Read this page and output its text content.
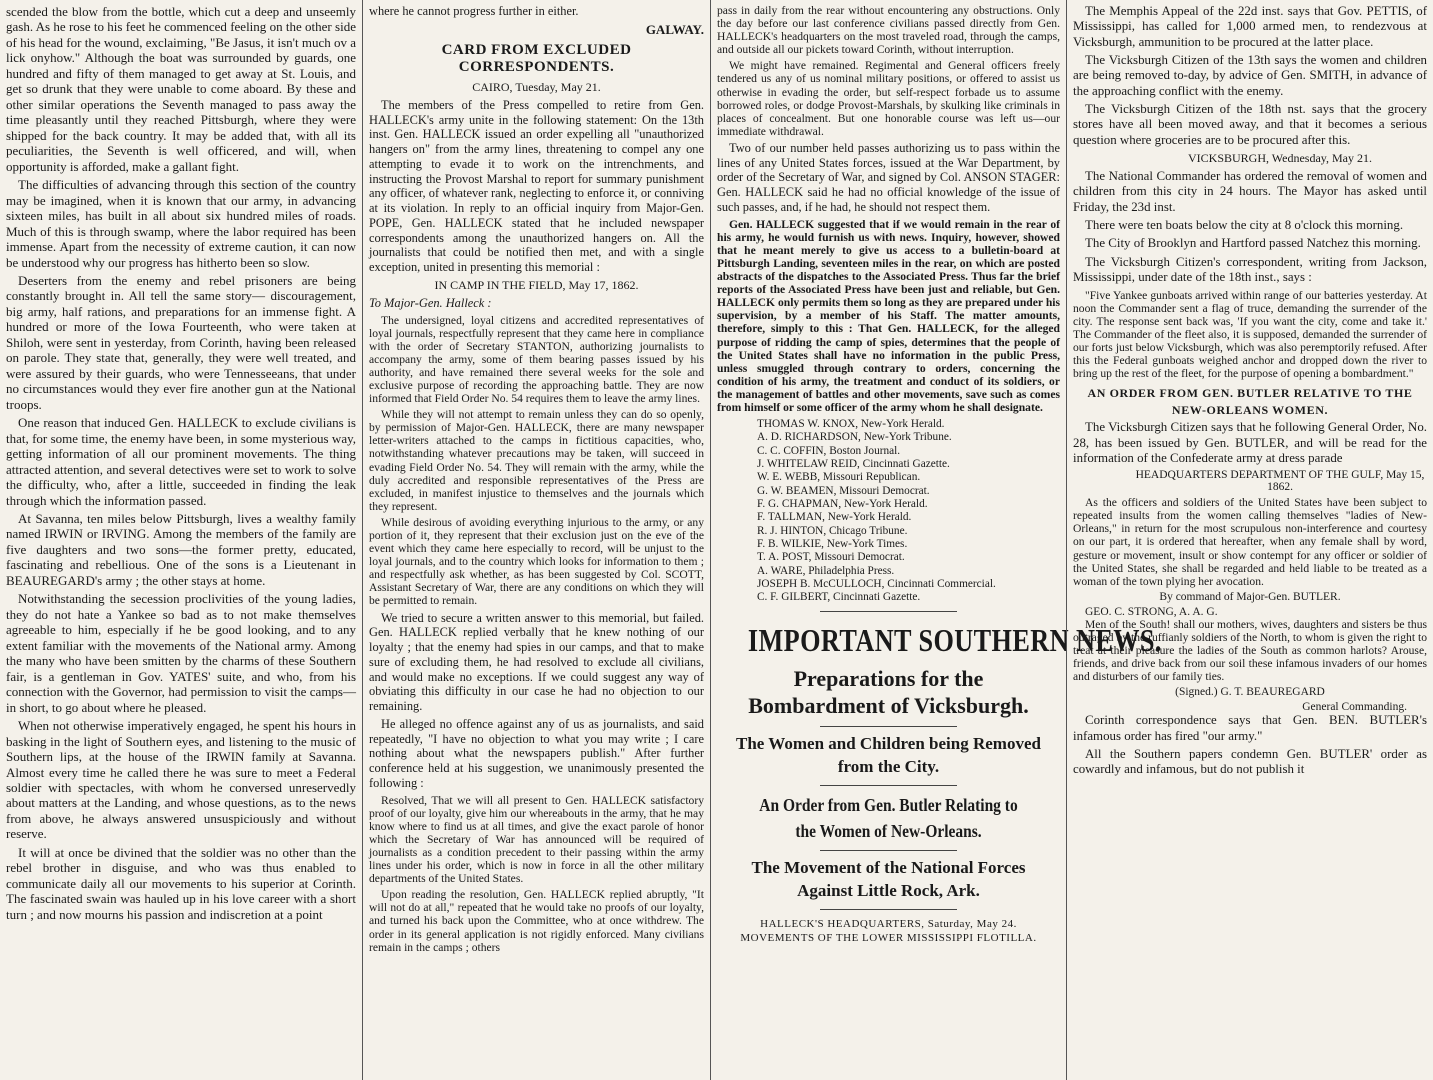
scended the blow from the bottle, which cut a deep and unseemly gash. As he rose to his feet he commenced feeling on the other side of his head for the wound, exclaiming, "Be Jasus, it isn't much ov a lick onyhow." Although the boat was surrounded by guards, one hundred and fifty of them managed to get away at St. Louis, and get so drunk that they were unable to come aboard. By these and other similar operations the Seventh managed to pass away the time pleasantly until they reached Pittsburgh, where they were shipped for the back country. It may be added that, with all its peculiarities, the Seventh is well officered, and will, when opportunity is afforded, make a gallant fight.

The difficulties of advancing through this section of the country may be imagined, when it is known that our army, in advancing sixteen miles, has built in all about six hundred miles of roads. Much of this is through swamp, where the labor required has been immense. Apart from the necessity of extreme caution, it can now be understood why our progress has hitherto been so slow.

Deserters from the enemy and rebel prisoners are being constantly brought in. All tell the same story— discouragement, big army, half rations, and preparations for an immense fight. A hundred or more of the Iowa Fourteenth, who were taken at Shiloh, were sent in yesterday, from Corinth, having been released on parole. They state that, generally, they were well treated, and were assured by their guards, who were Tennesseeans, that under no circumstances would they ever fire another gun at the National troops.

One reason that induced Gen. HALLECK to exclude civilians is that, for some time, the enemy have been, in some mysterious way, getting information of all our prominent movements. The thing attracted attention, and several detectives were set to work to solve the difficulty, who, after a little, succeeded in finding the leak through which the information passed.

At Savanna, ten miles below Pittsburgh, lives a wealthy family named IRWIN or IRVING. Among the members of the family are five daughters and two sons—the former pretty, educated, fascinating and rebellious. One of the sons is a Lieutenant in BEAUREGARD's army ; the other stays at home.

Notwithstanding the secession proclivities of the young ladies, they do not hate a Yankee so bad as to not make themselves agreeable to him, especially if he be good looking, and to any extent familiar with the movements of the National army. Among the many who have been smitten by the charms of these Southern fair, is a gentleman in Gov. YATES' suite, and who, from his connection with the Governor, had permission to visit the camps—in short, to go about where he pleased.

When not otherwise imperatively engaged, he spent his hours in basking in the light of Southern eyes, and listening to the music of Southern lips, at the house of the IRWIN family at Savanna. Almost every time he called there he was sure to meet a Federal soldier with spectacles, with whom he conversed unreservedly about matters at the Landing, and whose questions, as to the news from above, he always answered unsuspiciously and without reserve.

It will at once be divined that the soldier was no other than the rebel brother in disguise, and who was thus enabled to communicate daily all our movements to his superior at Corinth. The fascinated swain was hauled up in his love career with a short turn ; and now mourns his passion and indiscretion at a point

where he cannot progress further in either.

GALWAY.
CARD FROM EXCLUDED CORRESPONDENTS.
CAIRO, Tuesday, May 21.

The members of the Press compelled to retire from Gen. HALLECK's army unite in the following statement: On the 13th inst. Gen. HALLECK issued an order expelling all "unauthorized hangers on" from the army lines, threatening to compel any one attempting to evade it to work on the intrenchments, and instructing the Provost Marshal to report for summary punishment any officer, of whatever rank, neglecting to enforce it, or conniving at its violation. In reply to an official inquiry from Major-Gen. POPE, Gen. HALLECK stated that he included newspaper correspondents among the unauthorized hangers on. All the journalists that could be notified then met, and with a single exception, united in presenting this memorial :

IN CAMP IN THE FIELD, May 17, 1862.

To Major-Gen. Halleck :

The undersigned, loyal citizens and accredited representatives of loyal journals, respectfully represent that they came here in compliance with the order of Secretary STANTON, authorizing journalists to accompany the army, some of them bearing passes issued by his authority, and have remained there several weeks for the sole and exclusive purpose of recording the approaching battle. They are now informed that Field Order No. 54 requires them to leave the army lines.

While they will not attempt to remain unless they can do so openly, by permission of Major-Gen. HALLECK, there are many newspaper letter-writers attached to the camps in fictitious capacities, who, notwithstanding whatever precautions may be taken, will succeed in evading Field Order No. 54. They will remain with the army, while the duly accredited and responsible representatives of the Press are excluded, in manifest injustice to themselves and the journals which they represent.

While desirous of avoiding everything injurious to the army, or any portion of it, they represent that their exclusion just on the eve of the event which they came here especially to record, will be unjust to the loyal journals, and to the country which looks for information to them ; and respectfully ask whether, as has been suggested by Col. SCOTT, Assistant Secretary of War, there are any conditions on which they will be permitted to remain.

We tried to secure a written answer to this memorial, but failed. Gen. HALLECK replied verbally that he knew nothing of our loyalty ; that the enemy had spies in our camps, and that to make sure of excluding them, he had resolved to exclude all civilians, and would make no exceptions. If we could suggest any way of obviating this difficulty in our case he had no objection to our remaining.

He alleged no offence against any of us as journalists, and said repeatedly, "I have no objection to what you may write ; I care nothing about what the newspapers publish." After further conference held at his suggestion, we unanimously presented the following :

Resolved, That we will all present to Gen. HALLECK satisfactory proof of our loyalty, give him our whereabouts in the army, that he may know where to find us at all times, and give the exact parole of honor which the Secretary of War has announced will be required of journalists as a condition precedent to their passing within the army lines under his order, which is now in force in all the other military departments of the United States.

Upon reading the resolution, Gen. HALLECK replied abruptly, "It will not do at all," repeated that he would take no proofs of our loyalty, and turned his back upon the Committee, who at once withdrew. The order in its general application is not rigidly enforced. Many civilians remain in the camps ; others

pass in daily from the rear without encountering any obstructions. Only the day before our last conference civilians passed directly from Gen. HALLECK's headquarters on the most traveled road, through the camps, and outside all our pickets toward Corinth, without interruption.

We might have remained. Regimental and General officers freely tendered us any of us nominal military positions, or offered to assist us otherwise in evading the order, but self-respect forbade us to assume borrowed roles, or dodge Provost-Marshals, by skulking like criminals in places of concealment. But one honorable course was left us—our immediate withdrawal.

Two of our number held passes authorizing us to pass within the lines of any United States forces, issued at the War Department, by order of the Secretary of War, and signed by Col. ANSON STAGER: Gen. HALLECK said he had no official knowledge of the issue of such passes, and, if he had, he should not respect them.

Gen. HALLECK suggested that if we would remain in the rear of his army, he would furnish us with news. Inquiry, however, showed that he meant merely to give us access to a bulletin-board at Pittsburgh Landing, seventeen miles in the rear, on which are posted abstracts of the dispatches to the Associated Press. Thus far the brief reports of the Associated Press have been just and reliable, but Gen. HALLECK only permits them so long as they are prepared under his supervision, by a member of his Staff. The matter amounts, therefore, simply to this : That Gen. HALLECK, for the alleged purpose of ridding the camp of spies, determines that the people of the United States shall have no information in the public Press, unless smuggled through contrary to orders, concerning the condition of his army, the treatment and conduct of its soldiers, or the management of battles and other movements, save such as comes from himself or some officer of the army whom he shall designate.

THOMAS W. KNOX, New-York Herald.
A. D. RICHARDSON, New-York Tribune.
C. C. COFFIN, Boston Journal.
J. WHITELAW REID, Cincinnati Gazette.
W. E. WEBB, Missouri Republican.
G. W. BEAMEN, Missouri Democrat.
F. G. CHAPMAN, New-York Herald.
F. TALLMAN, New-York Herald.
R. J. HINTON, Chicago Tribune.
F. B. WILKIE, New-York Times.
T. A. POST, Missouri Democrat.
A. WARE, Philadelphia Press.
JOSEPH B. McCULLOCH, Cincinnati Commercial.
C. F. GILBERT, Cincinnati Gazette.
IMPORTANT SOUTHERN NEWS.
Preparations for the Bombardment of Vicksburgh.
The Women and Children being Removed from the City.
An Order from Gen. Butler Relating to the Women of New-Orleans.
The Movement of the National Forces Against Little Rock, Ark.
HALLECK'S HEADQUARTERS, Saturday, May 24.
MOVEMENTS OF THE LOWER MISSISSIPPI FLOTILLA.

The Memphis Appeal of the 22d inst. says that Gov. PETTIS, of Mississippi, has called for 1,000 armed men, to rendezvous at Vicksburgh, ammunition to be procured at the latter place.

The Vicksburgh Citizen of the 13th says the women and children are being removed to-day, by advice of Gen. SMITH, in advance of the approaching conflict with the enemy.

The Vicksburgh Citizen of the 18th nst. says that the grocery stores have all been moved away, and that it becomes a serious question where groceries are to be procured after this.

VICKSBURGH, Wednesday, May 21.

The National Commander has ordered the removal of women and children from this city in 24 hours. The Mayor has asked until Friday, the 23d inst.

There were ten boats below the city at 8 o'clock this morning.

The City of Brooklyn and Hartford passed Natchez this morning.

The Vicksburgh Citizen's correspondent, writing from Jackson, Mississippi, under date of the 18th inst., says :

"Five Yankee gunboats arrived within range of our batteries yesterday. At noon the Commander sent a flag of truce, demanding the surrender of the city. The response sent back was, 'If you want the city, come and take it.' The Commander of the fleet also, it is supposed, demanded the surrender of our forts just below Vicksburgh, which was also peremptorily refused. After this the Federal gunboats weighed anchor and dropped down the river to bring up the rest of the fleet, for the purpose of opening a bombardment."

AN ORDER FROM GEN. BUTLER RELATIVE TO THE
NEW-ORLEANS WOMEN.

The Vicksburgh Citizen says that he following General Order, No. 28, has been issued by Gen. BUTLER, and will be read for the information of the Confederate army at dress parade

HEADQUARTERS DEPARTMENT OF THE GULF, May 15, 1862.

As the officers and soldiers of the United States have been subject to repeated insults from the women calling themselves "ladies of New-Orleans," in return for the most scrupulous non-interference and courtesy on our part, it is ordered that hereafter, when any female shall by word, gesture or movement, insult or show contempt for any officer or soldier of the United States, she shall be regarded and held liable to be treated as a woman of the town plying her avocation.

By command of Major-Gen. BUTLER.
GEO. C. STRONG, A. A. G.

Men of the South! shall our mothers, wives, daughters and sisters be thus outraged by the ruffianly soldiers of the North, to whom is given the right to treat at their pleasure the ladies of the South as common harlots? Arouse, friends, and drive back from our soil these infamous invaders of our homes and disturbers of our family ties.

(Signed.) G. T. BEAUREGARD
General Commanding.

Corinth correspondence says that Gen. BEN. BUTLER's infamous order has fired "our army."

All the Southern papers condemn Gen. BUTLER' order as cowardly and infamous, but do not publish it
